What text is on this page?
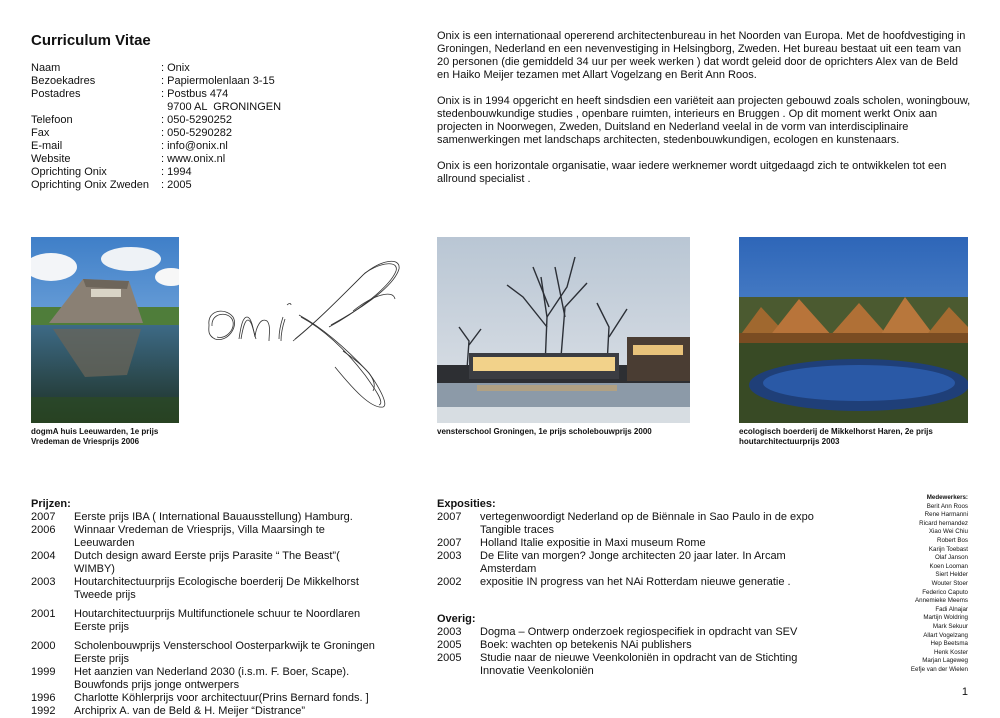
Curriculum Vitae
Naam	: Onix
Bezoekadres	: Papiermolenlaan 3-15
Postadres	: Postbus 474
9700 AL  GRONINGEN
Telefoon	: 050-5290252
Fax	: 050-5290282
E-mail	: info@onix.nl
Website	: www.onix.nl
Oprichting Onix	: 1994
Oprichting Onix Zweden	: 2005

Onix is een internationaal opererend architectenbureau in het Noorden van Europa. Met de hoofdvestiging in Groningen, Nederland en een nevenvestiging in Helsingborg, Zweden. Het bureau bestaat uit een team van 20 personen (die gemiddeld 34 uur per week werken ) dat wordt geleid door de oprichters Alex van de Beld en Haiko Meijer tezamen met Allart Vogelzang en Berit Ann Roos.

Onix is in 1994 opgericht en heeft sindsdien een variëteit aan projecten gebouwd zoals scholen, woningbouw, stedenbouwkundige studies , openbare ruimten, interieurs en Bruggen . Op dit moment werkt Onix aan projecten in Noorwegen, Zweden, Duitsland en Nederland veelal in de vorm van interdisciplinaire samenwerkingen met landschaps architecten, stedenbouwkundigen, ecologen en kunstenaars.

Onix is een horizontale organisatie, waar iedere werknemer wordt uitgedaagd zich te ontwikkelen tot een allround specialist .

dogmA huis Leeuwarden, 1e prijs
Vredeman de Vriesprijs 2006
vensterschool Groningen, 1e prijs scholebouwprijs 2000	ecologisch boerderij de Mikkelhorst Haren, 2e prijs
houtarchitectuurprijs 2003
Prijzen:
2007	Eerste prijs IBA ( International Bauausstellung) Hamburg.
2006	Winnaar Vredeman de Vriesprijs, Villa Maarsingh te Leeuwarden
2004	Dutch design award Eerste prijs Parasite “ The Beast”( WIMBY)
2003	Houtarchitectuurprijs Ecologische boerderij De Mikkelhorst Tweede prijs
2001	Houtarchitectuurprijs Multifunctionele schuur te Noordlaren Eerste prijs
2000	Scholenbouwprijs Vensterschool Oosterparkwijk te Groningen Eerste prijs
1999	Het aanzien van Nederland 2030 (i.s.m. F. Boer, Scape). Bouwfonds prijs jonge ontwerpers
1996	Charlotte Köhlerprijs voor architectuur(Prins Bernard fonds. ]
1992	Archiprix A. van de Beld & H. Meijer “Distrance”
Exposities:
2007	vertegenwoordigt Nederland op de Biënnale in Sao Paulo in de expo Tangible traces
2007	Holland Italie expositie in Maxi museum Rome
2003	De Elite van morgen? Jonge architecten 20 jaar later. In Arcam Amsterdam
2002	expositie IN progress van het NAi Rotterdam nieuwe generatie .
Overig:
2003	Dogma – Ontwerp onderzoek regiospecifiek in opdracht van SEV
2005	Boek: wachten op betekenis NAi publishers
2005	Studie naar de nieuwe Veenkoloniën in opdracht van de Stichting Innovatie Veenkoloniën
Medewerkers:
Berit Ann Roos
Rene Harmanni
Ricard hernandez
Xiao Wei Chiu
Robert Bos
Karijn Toebast
Olaf Janson
Koen Looman
Siert Helder
Wouter Stoer
Federico Caputo
Annemieke Meems
Fadi Alnajar
Martijn Woldring
Mark Sekuur
Allart Vogelzang
Hep Beetsma
Henk Koster
Marjan Lageweg
Eefje van der Wielen
1
